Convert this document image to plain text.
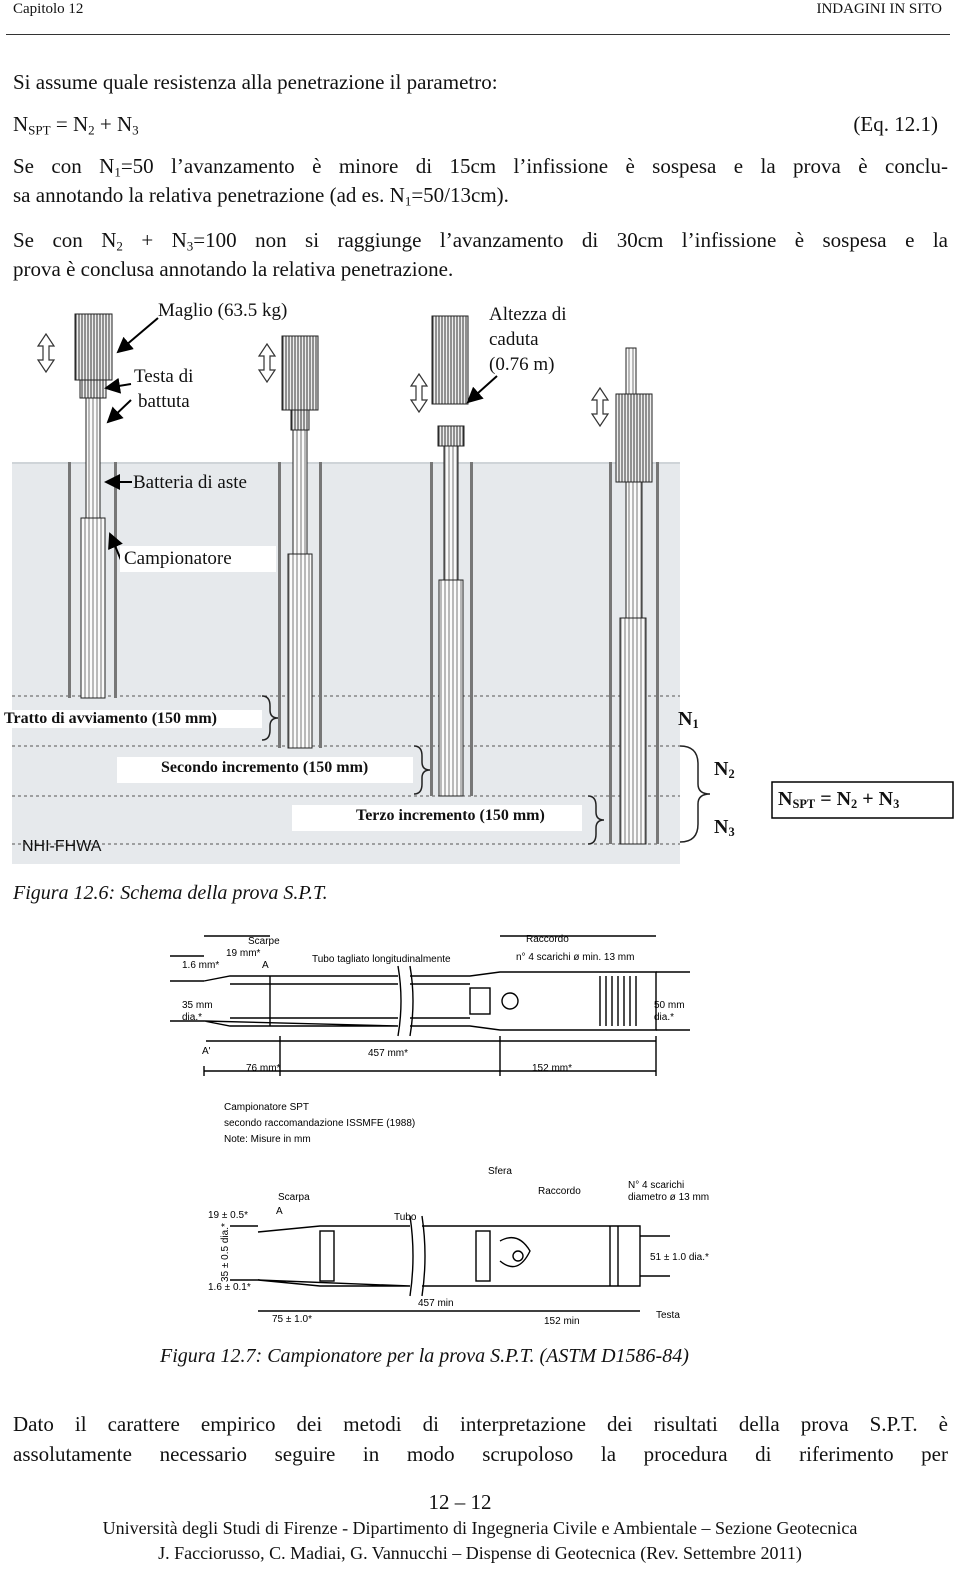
Capitolo 12	INDAGINI IN SITO
Si assume quale resistenza alla penetrazione il parametro:
$N_{SPT} = N_2 + N_3$	(Eq. 12.1)
Se con $N_1=50$ l’avanzamento è minore di 15cm l’infissione è sospesa e la prova è conclu-
sa annotando la relativa penetrazione (ad es. $N_1=50/13cm$).
Se con $N_2 + N_3=100$ non si raggiunge l’avanzamento di 30cm l’infissione è sospesa e la
prova è conclusa annotando la relativa penetrazione.
Maglio (63.5 kg)
Testa di
battuta
Altezza di
caduta
(0.76 m)
Batteria di aste
Campionatore
Tratto di avviamento (150 mm)
Secondo incremento (150 mm)
Terzo incremento (150 mm)
NHI-FHWA
$N_1$
$N_2$
$N_3$
$N_{SPT} = N_2 + N_3$
Figura 12.6: Schema della prova S.P.T.
Scarpe
19 mm*
A
1.6 mm*
Tubo tagliato longitudinalmente
Raccordo
n° 4 scarichi ø min. 13 mm
35 mm
dia.*
50 mm
dia.*
A'	457 mm*
76 mm*	152 mm*
Campionatore SPT
secondo raccomandazione ISSMFE (1988)
Note: Misure in mm
Sfera
Scarpa
Raccordo
N° 4 scarichi
diametro ø 13 mm
A
Tubo
19 ± 0.5*
1.6 ± 0.1*
51 ± 1.0 dia.*
75 ± 1.0*
457 min
152 min
Testa
35 ± 0.5 dia.*
Figura 12.7: Campionatore per la prova S.P.T. (ASTM D1586-84)
Dato il carattere empirico dei metodi di interpretazione dei risultati della prova S.P.T. è
assolutamente necessario seguire in modo scrupoloso la procedura di riferimento per
12 – 12
Università degli Studi di Firenze - Dipartimento di Ingegneria Civile e Ambientale – Sezione Geotecnica
J. Facciorusso, C. Madiai, G. Vannucchi – Dispense di Geotecnica (Rev. Settembre 2011)
